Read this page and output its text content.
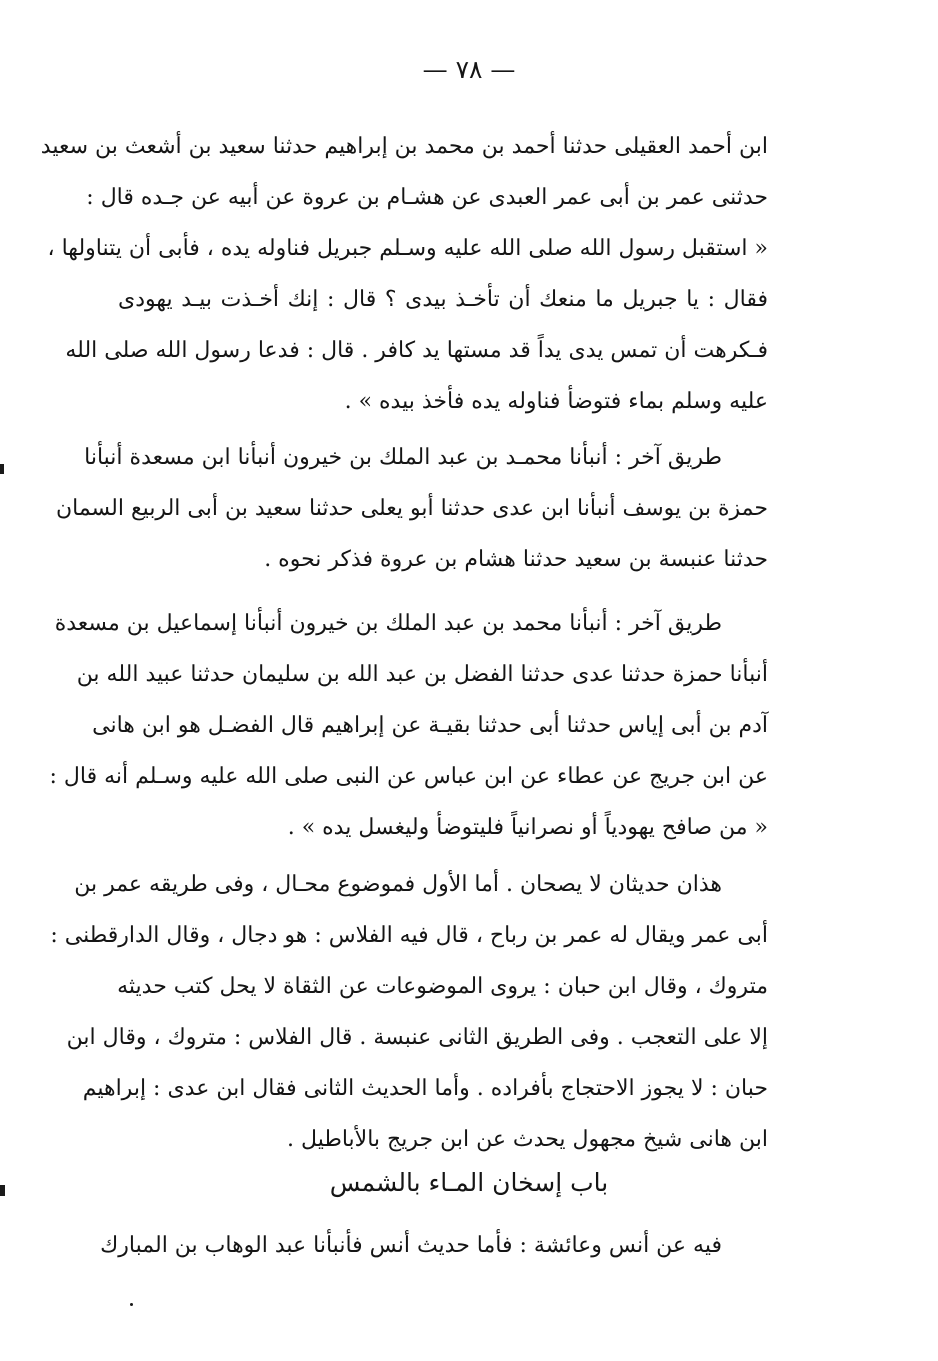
— ٧٨ —
ابن أحمد العقيلى حدثنا أحمد بن محمد بن إبراهيم حدثنا سعيد بن أشعث بن سعيد
حدثنى عمر بن أبى عمر العبدى عن هشـام بن عروة عن أبيه عن جـده قال :
« استقبل رسول الله صلى الله عليه وسـلم جبريل فناوله يده ، فأبى أن يتناولها ،
فقال : يا جبريل ما منعك أن تأخـذ بيدى ؟ قال : إنك أخـذت بيـد يهودى
فـكرهت أن تمس يدى يداً قد مستها يد كافر . قال : فدعا رسول الله صلى الله
عليه وسلم بماء فتوضأ فناوله يده فأخذ بيده » .
طريق آخر : أنبأنا محمـد بن عبد الملك بن خيرون أنبأنا ابن مسعدة أنبأنا
حمزة بن يوسف أنبأنا ابن عدى حدثنا أبو يعلى حدثنا سعيد بن أبى الربيع السمان
حدثنا عنبسة بن سعيد حدثنا هشام بن عروة فذكر نحوه .
طريق آخر : أنبأنا محمد بن عبد الملك بن خيرون أنبأنا إسماعيل بن مسعدة
أنبأنا حمزة حدثنا عدى حدثنا الفضل بن عبد الله بن سليمان حدثنا عبيد الله بن
آدم بن أبى إياس حدثنا أبى حدثنا بقيـة عن إبراهيم قال الفضـل هو ابن هانى
عن ابن جريج عن عطاء عن ابن عباس عن النبى صلى الله عليه وسـلم أنه قال :
« من صافح يهودياً أو نصرانياً فليتوضأ وليغسل يده » .
هذان حديثان لا يصحان . أما الأول فموضوع محـال ، وفى طريقه عمر بن
أبى عمر ويقال له عمر بن رباح ، قال فيه الفلاس : هو دجال ، وقال الدارقطنى :
متروك ، وقال ابن حبان : يروى الموضوعات عن الثقاة لا يحل كتب حديثه
إلا على التعجب . وفى الطريق الثانى عنبسة . قال الفلاس : متروك ، وقال ابن
حبان : لا يجوز الاحتجاج بأفراده . وأما الحديث الثانى فقال ابن عدى : إبراهيم
ابن هانى شيخ مجهول يحدث عن ابن جريج بالأباطيل .
باب إسخان المـاء بالشمس
فيه عن أنس وعائشة : فأما حديث أنس فأنبأنا عبد الوهاب بن المبارك
